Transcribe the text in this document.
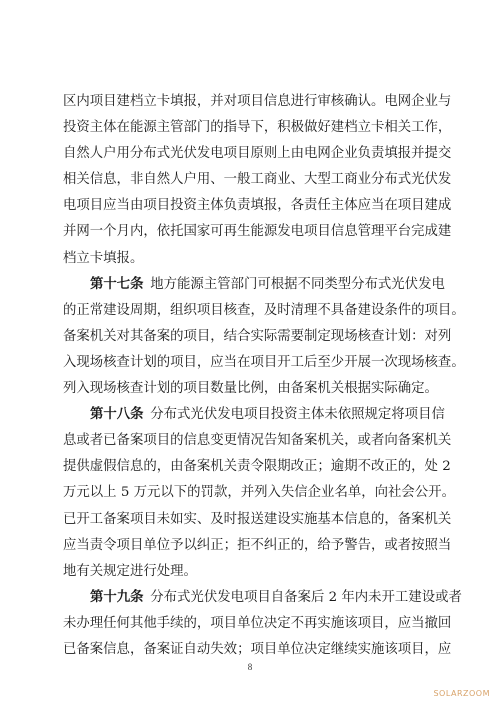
区内项目建档立卡填报，并对项目信息进行审核确认。电网企业与
投资主体在能源主管部门的指导下，积极做好建档立卡相关工作，
自然人户用分布式光伏发电项目原则上由电网企业负责填报并提交
相关信息，非自然人户用、一般工商业、大型工商业分布式光伏发
电项目应当由项目投资主体负责填报，各责任主体应当在项目建成
并网一个月内，依托国家可再生能源发电项目信息管理平台完成建
档立卡填报。
第十七条  地方能源主管部门可根据不同类型分布式光伏发电
的正常建设周期，组织项目核查，及时清理不具备建设条件的项目。
备案机关对其备案的项目，结合实际需要制定现场核查计划：对列
入现场核查计划的项目，应当在项目开工后至少开展一次现场核查。
列入现场核查计划的项目数量比例，由备案机关根据实际确定。
第十八条  分布式光伏发电项目投资主体未依照规定将项目信
息或者已备案项目的信息变更情况告知备案机关，或者向备案机关
提供虚假信息的，由备案机关责令限期改正；逾期不改正的，处 2
万元以上 5 万元以下的罚款，并列入失信企业名单，向社会公开。
已开工备案项目未如实、及时报送建设实施基本信息的，备案机关
应当责令项目单位予以纠正；拒不纠正的，给予警告，或者按照当
地有关规定进行处理。
第十九条  分布式光伏发电项目自备案后 2 年内未开工建设或者
未办理任何其他手续的，项目单位决定不再实施该项目，应当撤回
已备案信息，备案证自动失效；项目单位决定继续实施该项目，应
8
SOLARZOOM
